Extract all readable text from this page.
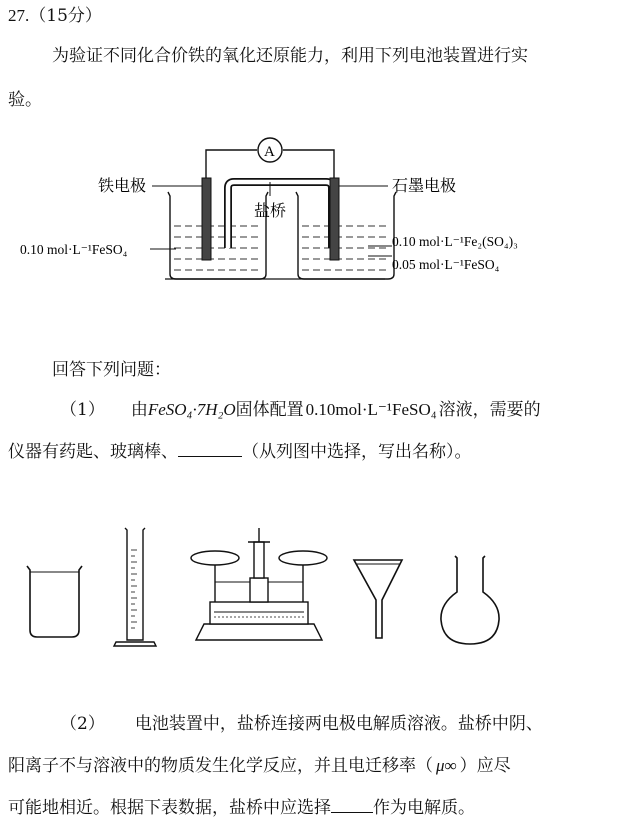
27.（15分）
为验证不同化合价铁的氧化还原能力，利用下列电池装置进行实
验。
盐桥
A
铁电极	石墨电极
0.10 mol·L⁻¹FeSO₄
0.10 mol·L⁻¹Fe₂(SO₄)₃
0.05 mol·L⁻¹FeSO₄
回答下列问题：
（1） 由FeSO₄·7H₂O固体配置 0.10mol·L⁻¹FeSO₄ 溶液，需要的
仪器有药匙、玻璃棒、	（从列图中选择，写出名称）。
（2） 电池装置中，盐桥连接两电极电解质溶液。盐桥中阴、
阳离子不与溶液中的物质发生化学反应，并且电迁移率（ μ∞ ）应尽
可能地相近。根据下表数据，盐桥中应选择 作为电解质。
